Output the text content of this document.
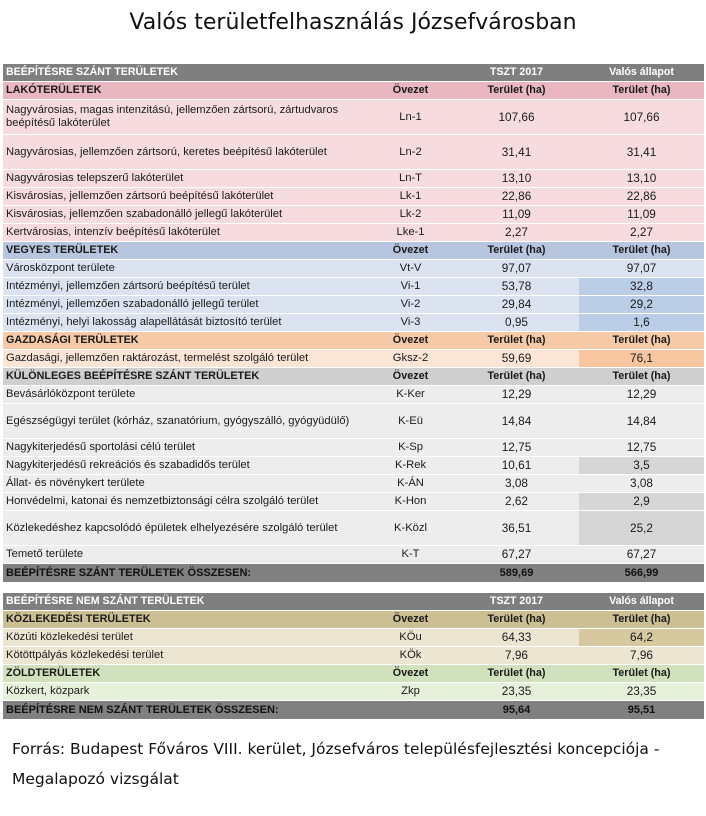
Valós területfelhasználás Józsefvárosban
BEÉPÍTÉSRE SZÁNT TERÜLETEK		TSZT 2017	Valós állapot
LAKÓTERÜLETEK	Övezet	Terület (ha)	Terület (ha)
Nagyvárosias, magas intenzitású, jellemzően zártsorú, zártudvaros beépítésű lakóterület	Ln-1	107,66	107,66
Nagyvárosias, jellemzően zártsorú, keretes beépítésű lakóterület	Ln-2	31,41	31,41
Nagyvárosias telepszerű lakóterület	Ln-T	13,10	13,10
Kisvárosias, jellemzően zártsorú beépítésű lakóterület	Lk-1	22,86	22,86
Kisvárosias, jellemzően szabadonálló jellegű lakóterület	Lk-2	11,09	11,09
Kertvárosias, intenzív beépítésű lakóterület	Lke-1	2,27	2,27
VEGYES TERÜLETEK	Övezet	Terület (ha)	Terület (ha)
Városközpont területe	Vt-V	97,07	97,07
Intézményi, jellemzően zártsorú beépítésű terület	Vi-1	53,78	32,8
Intézményi, jellemzően szabadonálló jellegű terület	Vi-2	29,84	29,2
Intézményi, helyi lakosság alapellátását biztosító terület	Vi-3	0,95	1,6
GAZDASÁGI TERÜLETEK	Övezet	Terület (ha)	Terület (ha)
Gazdasági, jellemzően raktározást, termelést szolgáló terület	Gksz-2	59,69	76,1
KÜLÖNLEGES BEÉPÍTÉSRE SZÁNT TERÜLETEK	Övezet	Terület (ha)	Terület (ha)
Bevásárlóközpont területe	K-Ker	12,29	12,29
Egészségügyi terület (kórház, szanatórium, gyógyszálló, gyógyüdülő)	K-Eü	14,84	14,84
Nagykiterjedésű sportolási célú terület	K-Sp	12,75	12,75
Nagykiterjedésű rekreációs és szabadidős terület	K-Rek	10,61	3,5
Állat- és növénykert területe	K-ÁN	3,08	3,08
Honvédelmi, katonai és nemzetbiztonsági célra szolgáló terület	K-Hon	2,62	2,9
Közlekedéshez kapcsolódó épületek elhelyezésére szolgáló terület	K-Közl	36,51	25,2
Temető területe	K-T	67,27	67,27
BEÉPÍTÉSRE SZÁNT TERÜLETEK ÖSSZESEN:		589,69	566,99
BEÉPÍTÉSRE NEM SZÁNT TERÜLETEK		TSZT 2017	Valós állapot
KÖZLEKEDÉSI TERÜLETEK	Övezet	Terület (ha)	Terület (ha)
Közúti közlekedési terület	KÖu	64,33	64,2
Kötöttpályás közlekedési terület	KÖk	7,96	7,96
ZÖLDTERÜLETEK	Övezet	Terület (ha)	Terület (ha)
Közkert, közpark	Zkp	23,35	23,35
BEÉPÍTÉSRE NEM SZÁNT TERÜLETEK ÖSSZESEN:		95,64	95,51
Forrás: Budapest Főváros VIII. kerület, Józsefváros településfejlesztési koncepciója - Megalapozó vizsgálat
